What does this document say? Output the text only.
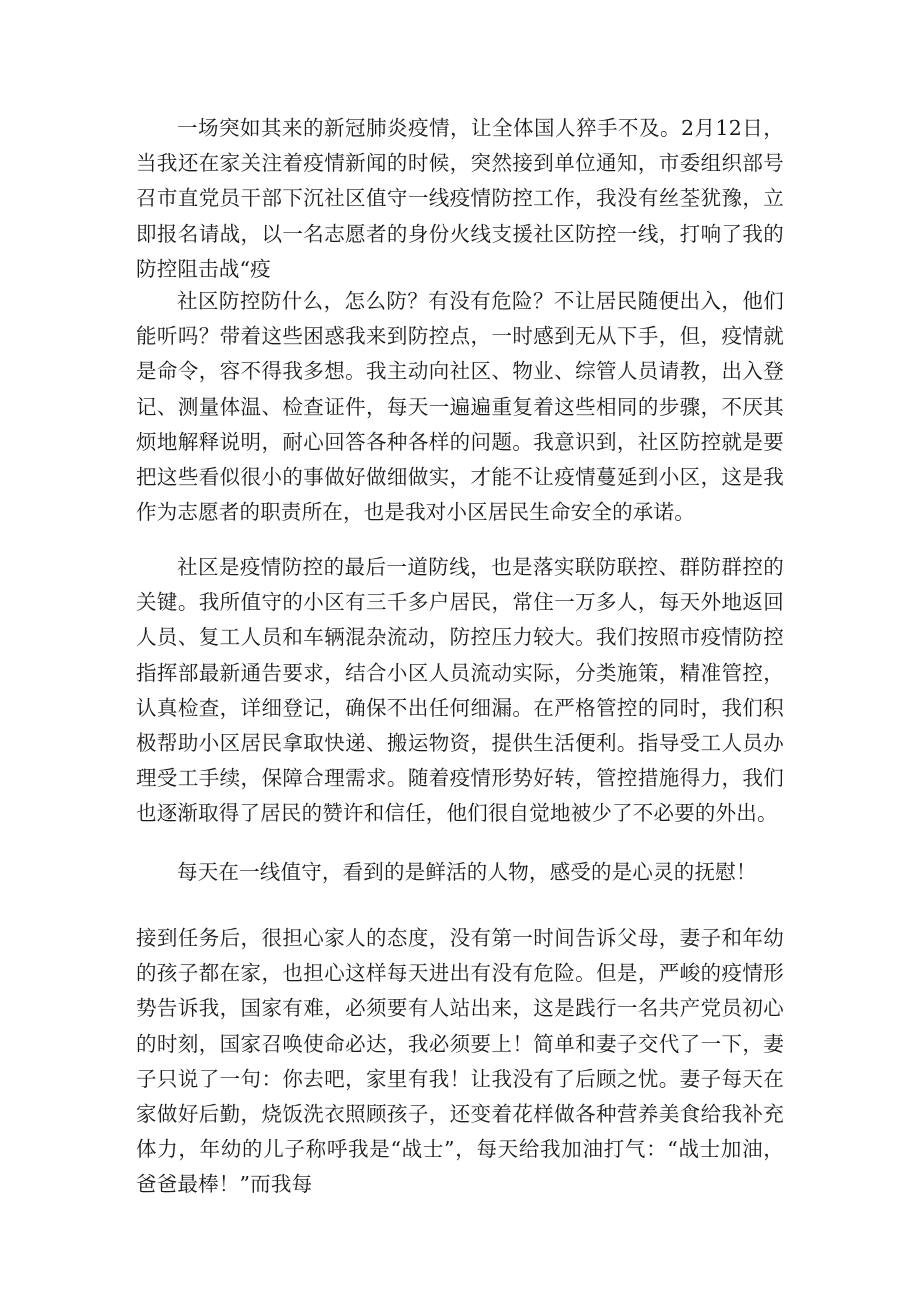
一场突如其来的新冠肺炎疫情，让全体国人猝手不及。2月12日，当我还在家关注着疫情新闻的时候，突然接到单位通知，市委组织部号召市直党员干部下沉社区值守一线疫情防控工作，我没有丝荃犹豫，立即报名请战，以一名志愿者的身份火线支援社区防控一线，打响了我的防控阻击战“疫

社区防控防什么，怎么防？有没有危险？不让居民随便出入，他们能听吗？带着这些困惑我来到防控点，一时感到无从下手，但，疫情就是命令，容不得我多想。我主动向社区、物业、综管人员请教，出入登记、测量体温、检查证件，每天一遍遍重复着这些相同的步骤，不厌其烦地解释说明，耐心回答各种各样的问题。我意识到，社区防控就是要把这些看似很小的事做好做细做实，才能不让疫情蔓延到小区，这是我作为志愿者的职责所在，也是我对小区居民生命安全的承诺。

社区是疫情防控的最后一道防线，也是落实联防联控、群防群控的关键。我所值守的小区有三千多户居民，常住一万多人，每天外地返回人员、复工人员和车辆混杂流动，防控压力较大。我们按照市疫情防控指挥部最新通告要求，结合小区人员流动实际，分类施策，精准管控，认真检查，详细登记，确保不出任何细漏。在严格管控的同时，我们积极帮助小区居民拿取快递、搬运物资，提供生活便利。指导受工人员办理受工手续，保障合理需求。随着疫情形势好转，管控措施得力，我们也逐渐取得了居民的赞许和信任，他们很自觉地被少了不必要的外出。

每天在一线值守，看到的是鲜活的人物，感受的是心灵的抚慰！

接到任务后，很担心家人的态度，没有第一时间告诉父母，妻子和年幼的孩子都在家，也担心这样每天进出有没有危险。但是，严峻的疫情形势告诉我，国家有难，必须要有人站出来，这是践行一名共产党员初心的时刻，国家召唤使命必达，我必须要上！简单和妻子交代了一下，妻子只说了一句：你去吧，家里有我！让我没有了后顾之忧。妻子每天在家做好后勤，烧饭洗衣照顾孩子，还变着花样做各种营养美食给我补充体力，年幼的儿子称呼我是“战士”，每天给我加油打气：“战士加油，爸爸最棒！”而我每
